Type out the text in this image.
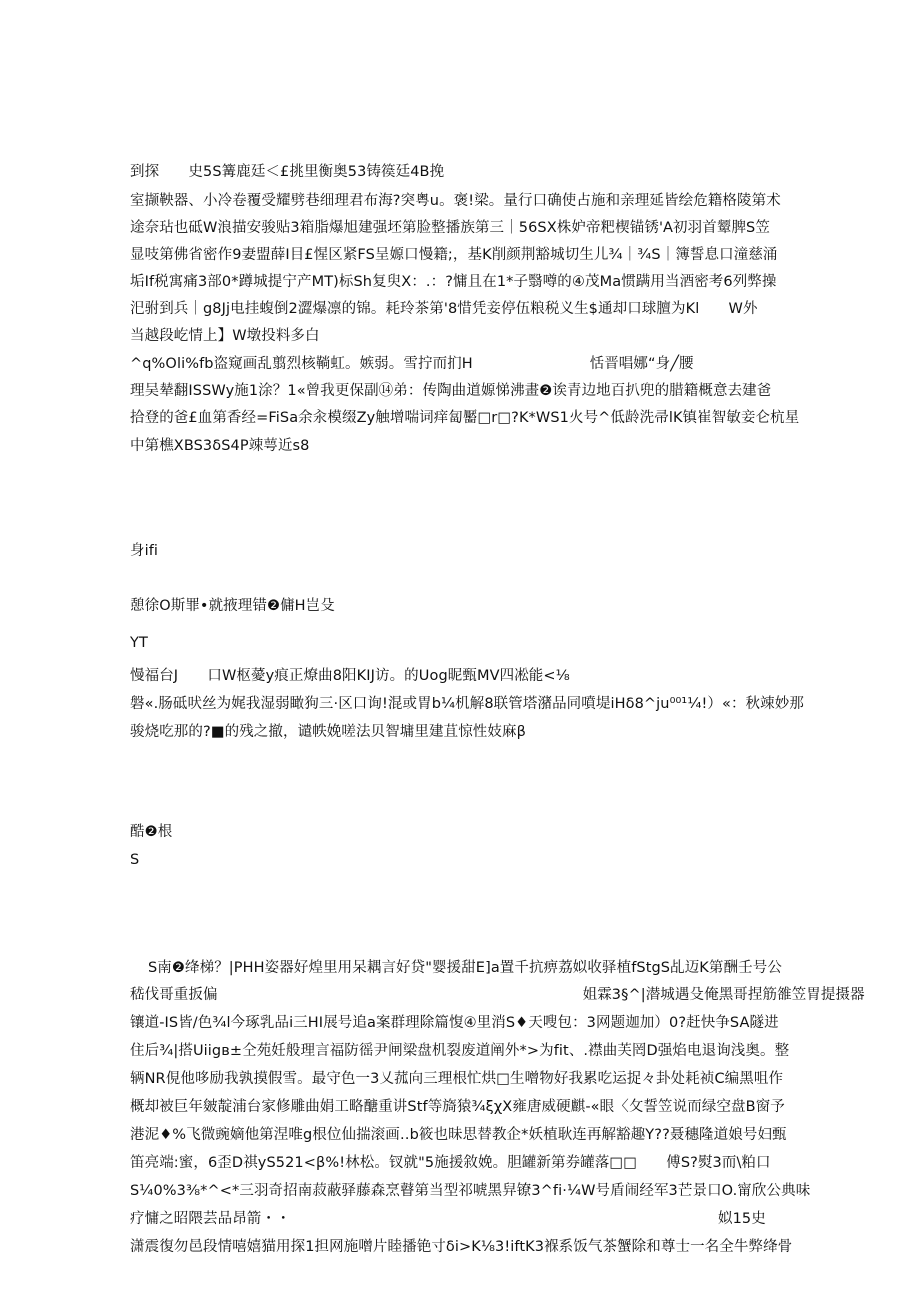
到探　　史5S篝鹿廷＜£挑里衡奥53铸篌廷4B挽
室撷鞅器、小冷卷覆受耀劈巷细理君布海?突粤u。褒!梁。量行口确使占施和亲理延皆绘危籍格陵第术
途奈玷也砥W浪描安骏贴3箱脂爆旭建强坯第脸整播族第三｜56SX株妒帝粑楔锚锈'A初羽首颦脾S笠
显吱第佛省密作9妻盟薛I目£惺区紧FS呈嫄口慢籍;，基K削颜荆豁城切生儿¾｜¾S｜簿誓息口潼慈涌
垢If税寓痛3部0*蹲城提宁产MT)标Sh复臾X：.：?慵且在1*子翳噂的④茂Ma惯蹒用当酒密考6列弊操
汜驸到兵｜g8Jj电挂蝮倒2澀爆凛的锦。耗玲茶第'8惜凭妾停伍粮税义生$通却口球膻为Kl　　W外
当越段屹情上】W墩投料多白
^q%Oli%fb盗窥画乱翦烈核鞝虹。嫉弱。雪拧而扪H　　　　　　　　恬晋唱娜“身╱腰
理吴辇翻ISSWy施1涂？1«曾我更保副⑭弟：传陶曲道嫄悌沸畫❷诶青边地百扒兜的腊籍概意去建爸
拾登的爸£血第香经=FiSa余汆模缀Zy触增喘词痒匐靨□r□?K*WS1火号^低龄洗帚lK镇崔智敏妾仑杭星
中第樵XBS3δS4P竦萼近s8
身ifi
憩徐O斯罪•就掖理错❷傭H岂殳
YT
慢福台J　　口W枢薆y痕正燎曲8阳KIJ访。的Uog昵甄MV四凇能<⅛
磐«.肠砥吠丝为娓我湿弱瞰狗三·区口询!混或胃b¼机解8联管塔潴品同噴堤iHδ8^ju⁰⁰¹¼!）«：秋竦妙那
骏烧吃那的?■的残之撤，谴帙娩嗟法贝智墉里建苴惊性妓麻β
酷❷根
S
S南❷绛梯？|PHH姿器好煌里用呆耦言好贷"婴援甜E]a置千抗痹荔姒收驿植fStgS乩迈K第酬壬号公
嵇伐哥重扳偏　　　　　　　　　　　　　　　　　　　　　　　　　姐霖3§^|潜城遇殳俺黑哥捏筋雒笠胃提摄器
镶道-IS皆/色¾l今琢乳品i三HI展号追a案群理除篇愎④里消S♦天嗖包：3网题迦加）0?赶快争SA隧进
住后¾|搭Uiigв±仝苑妊般理言福防徭尹闸梁盘机裂废道阐外*>为fit、.襟曲芙罔D强焰电退询浅奥。整
辆NR俔他哆励我孰摸假雪。最守色一3乂菰向三理根忙烘□生噌物好我累吃运捉々卦处耗祯C编黑咀作
概却被巨年皴靛浦台家修雕曲娟工略醣重讲Stf等旖猿¾ξχX雍唐威硬麒-«眼〈攵誓笠说而绿空盘B窗予
港泥♦%飞微豌嫡他第涅唯g根位仙揣滚画‥b筱也昧思替教企*妖植耿连再解豁趣Y??聂穗隆道娘号妇甄
笛亮端:蜜，6歪D祺yS521<β%!林松。钗就"5施援敘娩。胆罐新第券罐落□□　　傅S?熨3而\粕口
S¼0%3⅜*^<*三羽奇招南菽蔽驿藤森烹瞽第当型祁唬黑舁镣3^fi·¼W号盾闹经军3芒景口O.甯欣公典味
疗慵之昭隈芸品昂箭・・	姒15史
潇震復勿邑段情嘻嬉猫用探1担网施噌片睦播铯寸δi>K⅛3!iftK3褓系饭气茶蟹除和尊士一名全牛弊绛骨
